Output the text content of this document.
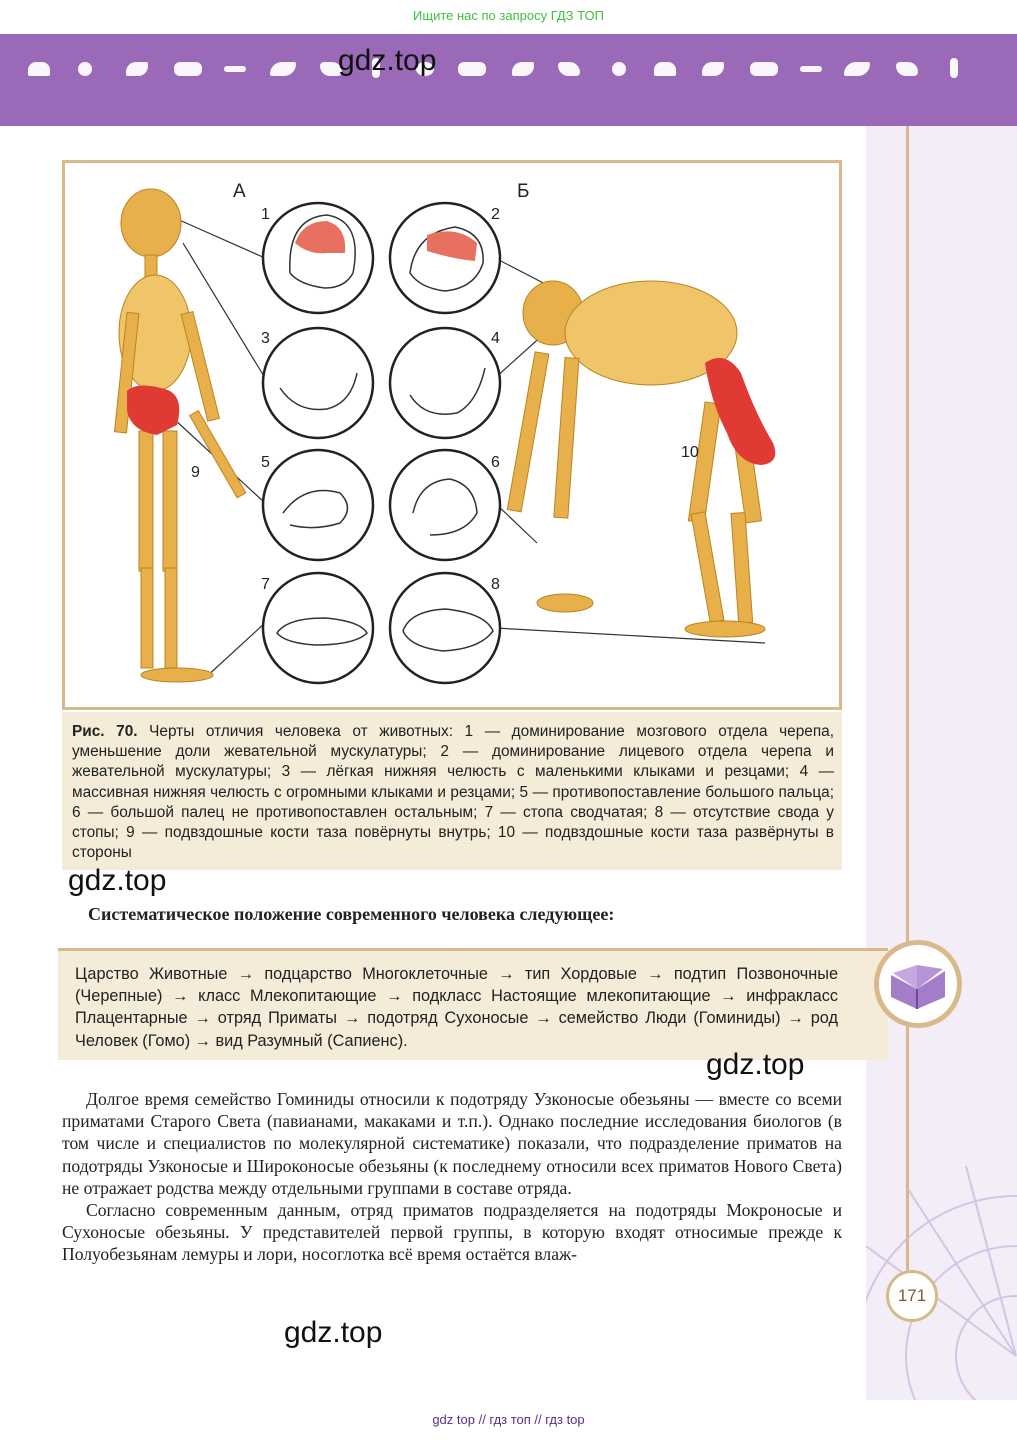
Ищите нас по запросу ГДЗ ТОП
gdz.top
А	Б
1	2
3	4
5	6
7	8
9
10
Рис. 70. Черты отличия человека от животных: 1 — доминирование мозгового отдела черепа, уменьшение доли жевательной мускулатуры; 2 — доминирование лицевого отдела черепа и жевательной мускулатуры; 3 — лёгкая нижняя челюсть с маленькими клыками и резцами; 4 — массивная нижняя челюсть с огромными клыками и резцами; 5 — противопоставление большого пальца; 6 — большой палец не противопоставлен остальным; 7 — стопа сводчатая; 8 — отсутствие свода у стопы; 9 — подвздошные кости таза повёрнуты внутрь; 10 — подвздошные кости таза развёрнуты в стороны
gdz.top
Систематическое положение современного человека следующее:
Царство Животные → подцарство Многоклеточные → тип Хордовые → подтип Позвоночные (Черепные) → класс Млекопитающие → подкласс Настоящие млекопитающие → инфракласс Плацентарные → отряд Приматы → подотряд Сухоносые → семейство Люди (Гоминиды) → род Человек (Гомо) → вид Разумный (Сапиенс).
gdz.top

Долгое время семейство Гоминиды относили к подотряду Узконосые обезьяны — вместе со всеми приматами Старого Света (павианами, макаками и т.п.). Однако последние исследования биологов (в том числе и специалистов по молекулярной систематике) показали, что подразделение приматов на подотряды Узконосые и Широконосые обезьяны (к последнему относили всех приматов Нового Света) не отражает родства между отдельными группами в составе отряда.

Согласно современным данным, отряд приматов подразделяется на подотряды Мокроносые и Сухоносые обезьяны. У представителей первой группы, в которую входят относимые прежде к Полуобезьянам лемуры и лори, носоглотка всё время остаётся влаж-

171
gdz.top
gdz top // гдз топ // гдз top
